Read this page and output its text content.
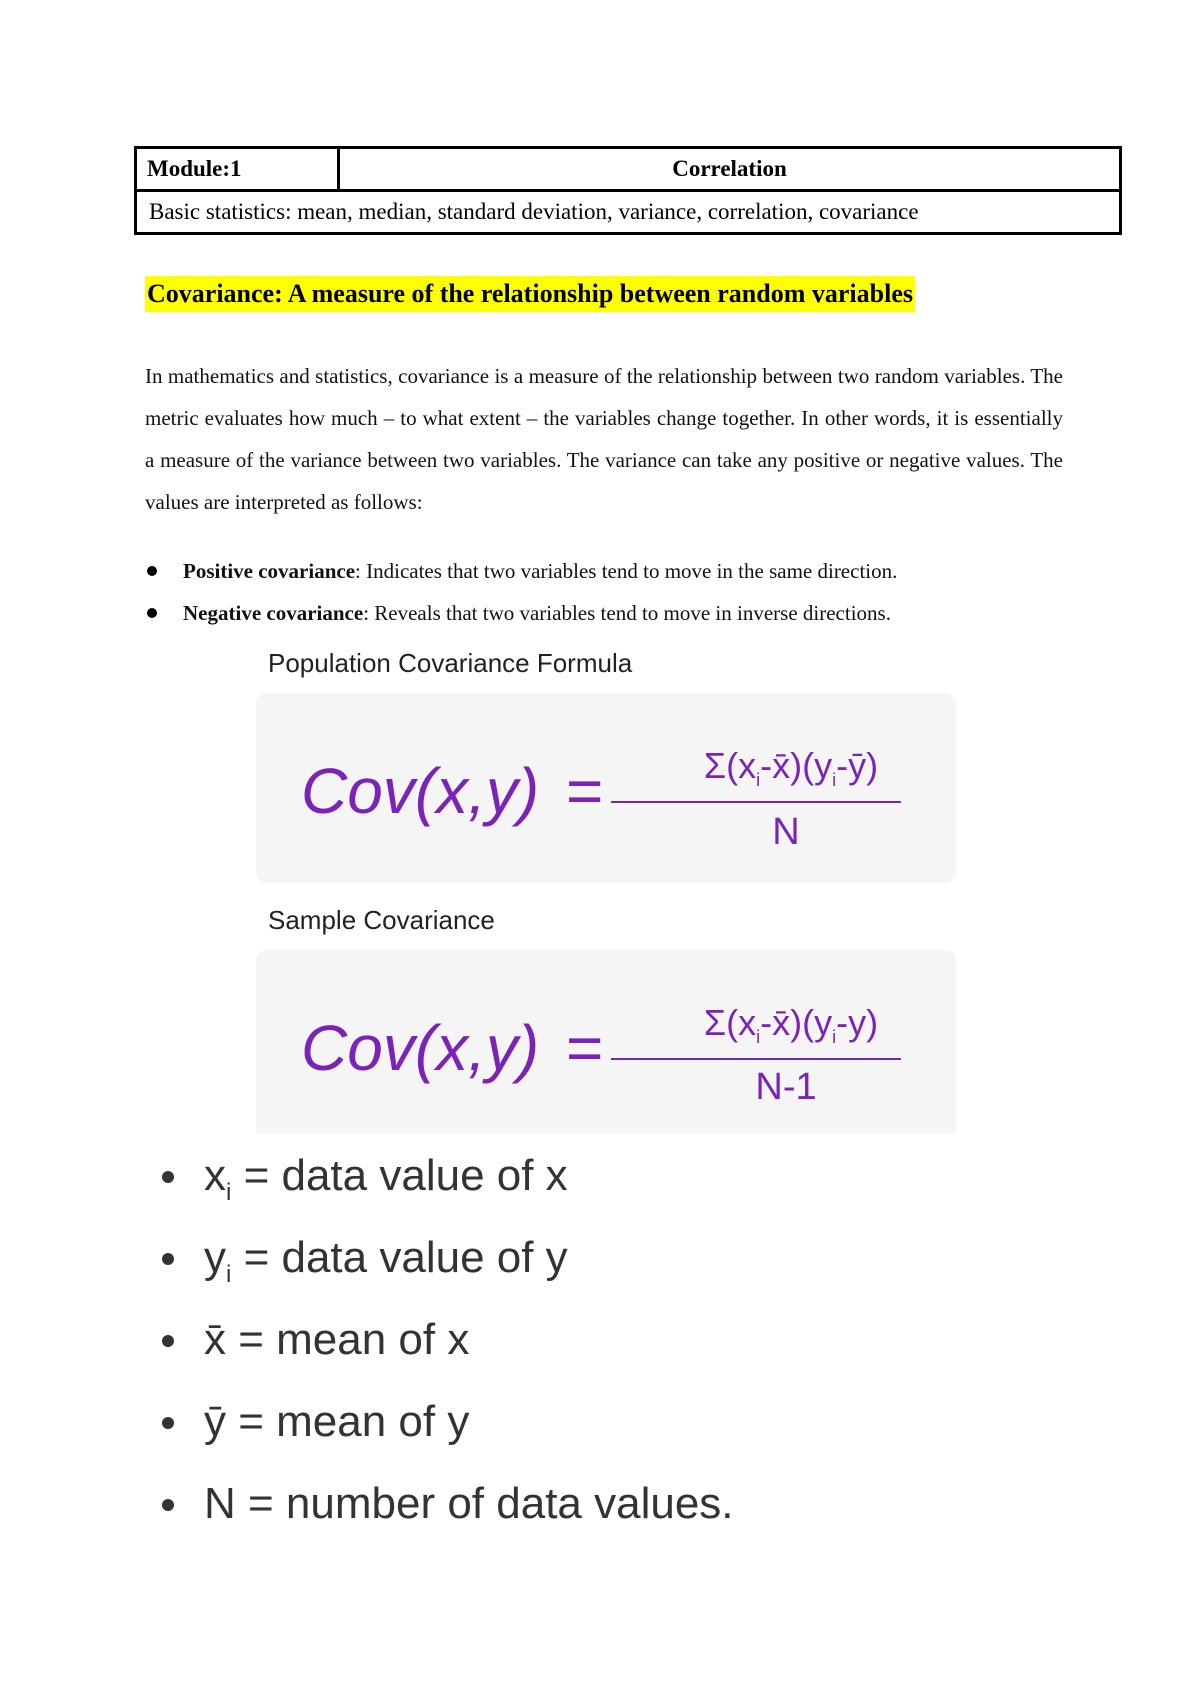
Module:1	Correlation
Basic statistics: mean, median, standard deviation, variance, correlation, covariance
Covariance: A measure of the relationship between random variables

In mathematics and statistics, covariance is a measure of the relationship between two random variables. The metric evaluates how much – to what extent – the variables change together. In other words, it is essentially a measure of the variance between two variables. The variance can take any positive or negative values. The values are interpreted as follows:

Positive covariance: Indicates that two variables tend to move in the same direction.
Negative covariance: Reveals that two variables tend to move in inverse directions.

Population Covariance Formula

Cov(x,y) =	$\Sigma(x_i-x̄)(y_i-ȳ)$
N

Sample Covariance

Cov(x,y) =	$\Sigma(x_i-x̄)(y_i-y)$
N-1
$x_i$ = data value of x
$y_i$ = data value of y
x̄ = mean of x
ȳ = mean of y
N = number of data values.
